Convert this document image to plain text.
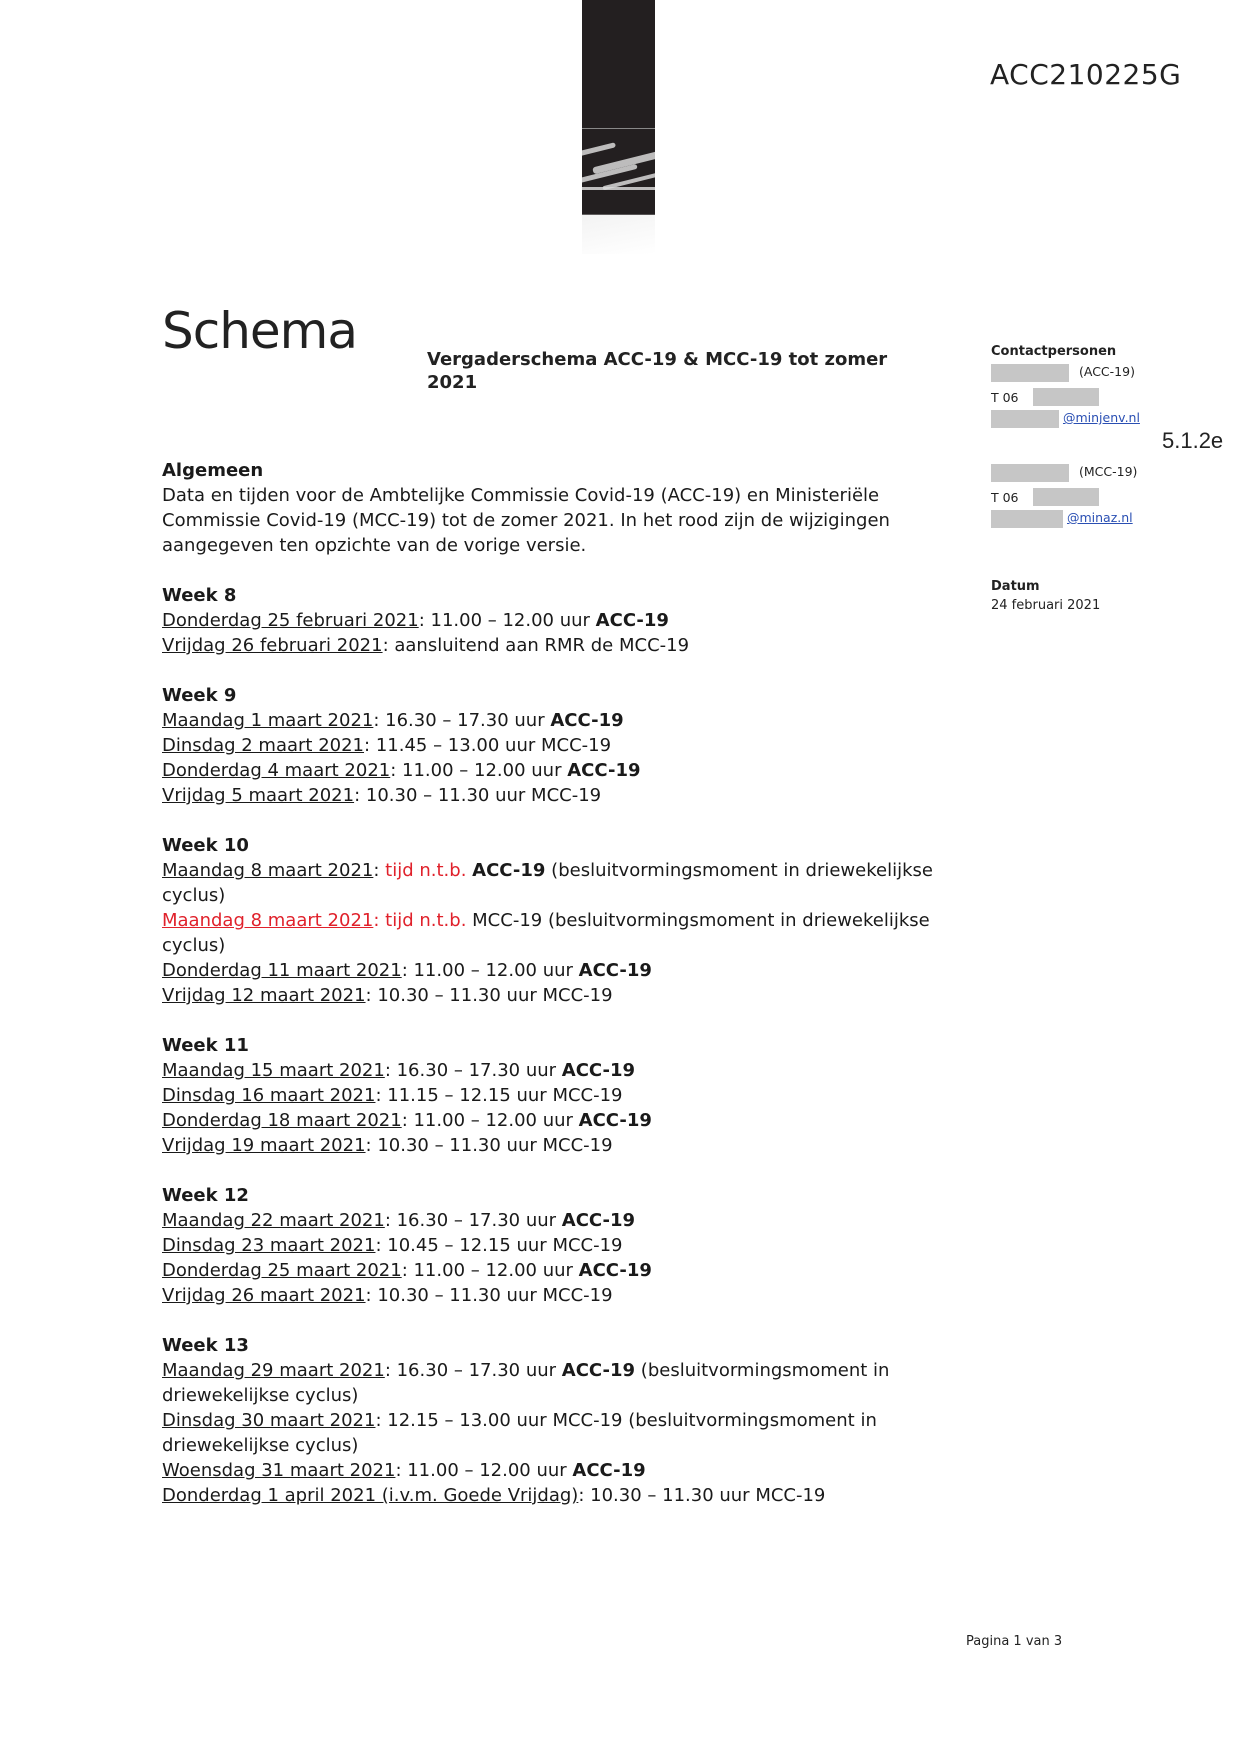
ACC210225G
Schema	Vergaderschema ACC-19 & MCC-19 tot zomer 2021
Contactpersonen
(ACC-19)
T 06
@minjenv.nl
(MCC-19)
T 06
@minaz.nl
5.1.2e
Datum
24 februari 2021
Algemeen

Data en tijden voor de Ambtelijke Commissie Covid-19 (ACC-19) en Ministeriële Commissie Covid-19 (MCC-19) tot de zomer 2021. In het rood zijn de wijzigingen aangegeven ten opzichte van de vorige versie.

Week 8

Donderdag 25 februari 2021: 11.00 – 12.00 uur ACC-19

Vrijdag 26 februari 2021: aansluitend aan RMR de MCC-19

Week 9

Maandag 1 maart 2021: 16.30 – 17.30 uur ACC-19

Dinsdag 2 maart 2021: 11.45 – 13.00 uur MCC-19

Donderdag 4 maart 2021: 11.00 – 12.00 uur ACC-19

Vrijdag 5 maart 2021: 10.30 – 11.30 uur MCC-19

Week 10

Maandag 8 maart 2021: tijd n.t.b. ACC-19 (besluitvormingsmoment in driewekelijkse cyclus)

Maandag 8 maart 2021: tijd n.t.b. MCC-19 (besluitvormingsmoment in driewekelijkse cyclus)

Donderdag 11 maart 2021: 11.00 – 12.00 uur ACC-19

Vrijdag 12 maart 2021: 10.30 – 11.30 uur MCC-19

Week 11

Maandag 15 maart 2021: 16.30 – 17.30 uur ACC-19

Dinsdag 16 maart 2021: 11.15 – 12.15 uur MCC-19

Donderdag 18 maart 2021: 11.00 – 12.00 uur ACC-19

Vrijdag 19 maart 2021: 10.30 – 11.30 uur MCC-19

Week 12

Maandag 22 maart 2021: 16.30 – 17.30 uur ACC-19

Dinsdag 23 maart 2021: 10.45 – 12.15 uur MCC-19

Donderdag 25 maart 2021: 11.00 – 12.00 uur ACC-19

Vrijdag 26 maart 2021: 10.30 – 11.30 uur MCC-19

Week 13

Maandag 29 maart 2021: 16.30 – 17.30 uur ACC-19 (besluitvormingsmoment in driewekelijkse cyclus)

Dinsdag 30 maart 2021: 12.15 – 13.00 uur MCC-19 (besluitvormingsmoment in driewekelijkse cyclus)

Woensdag 31 maart 2021: 11.00 – 12.00 uur ACC-19

Donderdag 1 april 2021 (i.v.m. Goede Vrijdag): 10.30 – 11.30 uur MCC-19

Pagina 1 van 3
